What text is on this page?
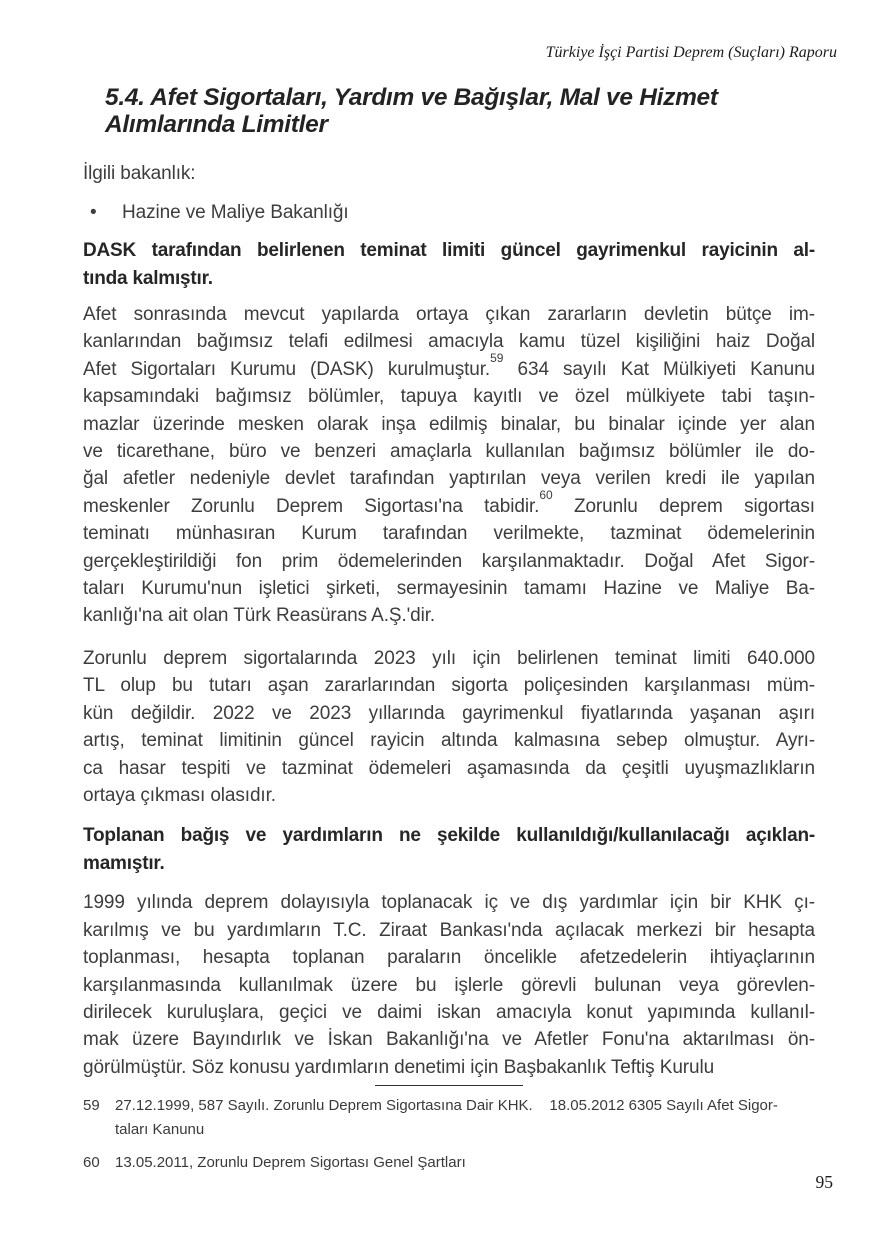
Türkiye İşçi Partisi Deprem (Suçları) Raporu
5.4. Afet Sigortaları, Yardım ve Bağışlar, Mal ve Hizmet
Alımlarında Limitler

İlgili bakanlık:

•	Hazine ve Maliye Bakanlığı
DASK tarafından belirlenen teminat limiti güncel gayrimenkul rayicinin al-
tında kalmıştır.
Afet sonrasında mevcut yapılarda ortaya çıkan zararların devletin bütçe im-
kanlarından bağımsız telafi edilmesi amacıyla kamu tüzel kişiliğini haiz Doğal
Afet Sigortaları Kurumu (DASK) kurulmuştur.$^{59}$ 634 sayılı Kat Mülkiyeti Kanunu
kapsamındaki bağımsız bölümler, tapuya kayıtlı ve özel mülkiyete tabi taşın-
mazlar üzerinde mesken olarak inşa edilmiş binalar, bu binalar içinde yer alan
ve ticarethane, büro ve benzeri amaçlarla kullanılan bağımsız bölümler ile do-
ğal afetler nedeniyle devlet tarafından yaptırılan veya verilen kredi ile yapılan
meskenler Zorunlu Deprem Sigortası'na tabidir.$^{60}$ Zorunlu deprem sigortası
teminatı münhasıran Kurum tarafından verilmekte, tazminat ödemelerinin
gerçekleştirildiği fon prim ödemelerinden karşılanmaktadır. Doğal Afet Sigor-
taları Kurumu'nun işletici şirketi, sermayesinin tamamı Hazine ve Maliye Ba-
kanlığı'na ait olan Türk Reasürans A.Ş.'dir.
Zorunlu deprem sigortalarında 2023 yılı için belirlenen teminat limiti 640.000
TL olup bu tutarı aşan zararlarından sigorta poliçesinden karşılanması müm-
kün değildir. 2022 ve 2023 yıllarında gayrimenkul fiyatlarında yaşanan aşırı
artış, teminat limitinin güncel rayicin altında kalmasına sebep olmuştur. Ayrı-
ca hasar tespiti ve tazminat ödemeleri aşamasında da çeşitli uyuşmazlıkların
ortaya çıkması olasıdır.
Toplanan bağış ve yardımların ne şekilde kullanıldığı/kullanılacağı açıklan-
mamıştır.
1999 yılında deprem dolayısıyla toplanacak iç ve dış yardımlar için bir KHK çı-
karılmış ve bu yardımların T.C. Ziraat Bankası'nda açılacak merkezi bir hesapta
toplanması, hesapta toplanan paraların öncelikle afetzedelerin ihtiyaçlarının
karşılanmasında kullanılmak üzere bu işlerle görevli bulunan veya görevlen-
dirilecek kuruluşlara, geçici ve daimi iskan amacıyla konut yapımında kullanıl-
mak üzere Bayındırlık ve İskan Bakanlığı'na ve Afetler Fonu'na aktarılması ön-
görülmüştür. Söz konusu yardımların denetimi için Başbakanlık Teftiş Kurulu
59	27.12.1999, 587 Sayılı. Zorunlu Deprem Sigortasına Dair KHK.    18.05.2012 6305 Sayılı Afet Sigor-
taları Kanunu
60	13.05.2011, Zorunlu Deprem Sigortası Genel Şartları
95
